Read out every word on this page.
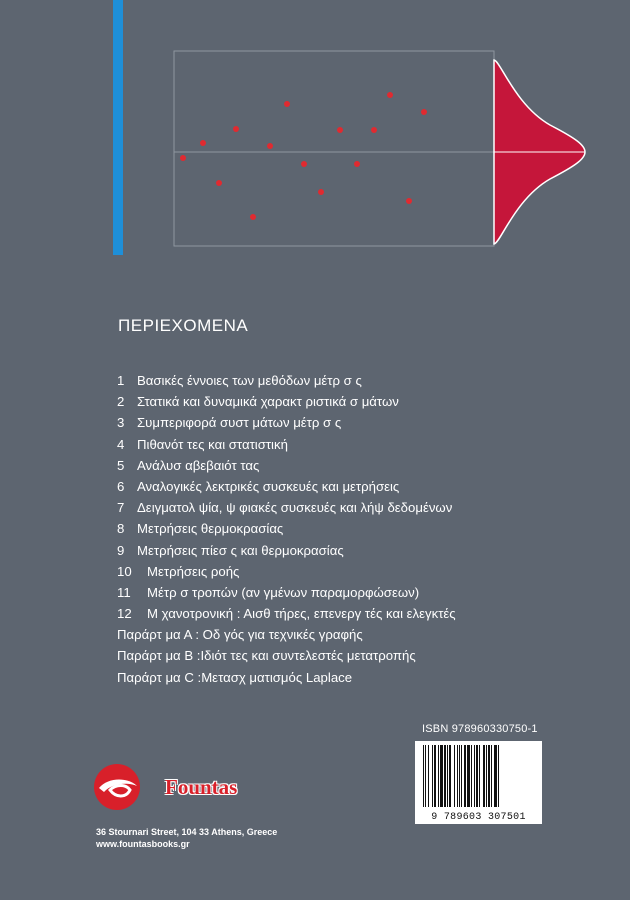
ΠΕΡΙΕΧΟΜΕΝΑ
1 Βασικές έννοιες των μεθόδων μέτρ σ ς
2 Στατικά και δυναμικά χαρακτ ριστικά σ μάτων
3 Συμπεριφορά συστ μάτων μέτρ σ ς
4 Πιθανότ τες και στατιστική
5 Ανάλυσ αβεβαιότ τας
6 Αναλογικές λεκτρικές συσκευές και μετρήσεις
7 Δειγματολ ψία, ψ φιακές συσκευές και λήψ δεδομένων
8 Μετρήσεις θερμοκρασίας
9 Μετρήσεις πίεσ ς και θερμοκρασίας
10 Μετρήσεις ροής
11 Μέτρ σ τροπών (αν γμένων παραμορφώσεων)
12 Μ χανοτρονική : Αισθ τήρες, επενεργ τές και ελεγκτές
Παράρτ μα Α : Οδ γός για τεχνικές γραφής
Παράρτ μα Β :Ιδιότ τες και συντελεστές μετατροπής
Παράρτ μα C :Μετασχ ματισμός Laplace
ISBN 978960330750-1
9 789603 307501
Fountas
36 Stournari Street, 104 33 Athens, Greece
www.fountasbooks.gr
